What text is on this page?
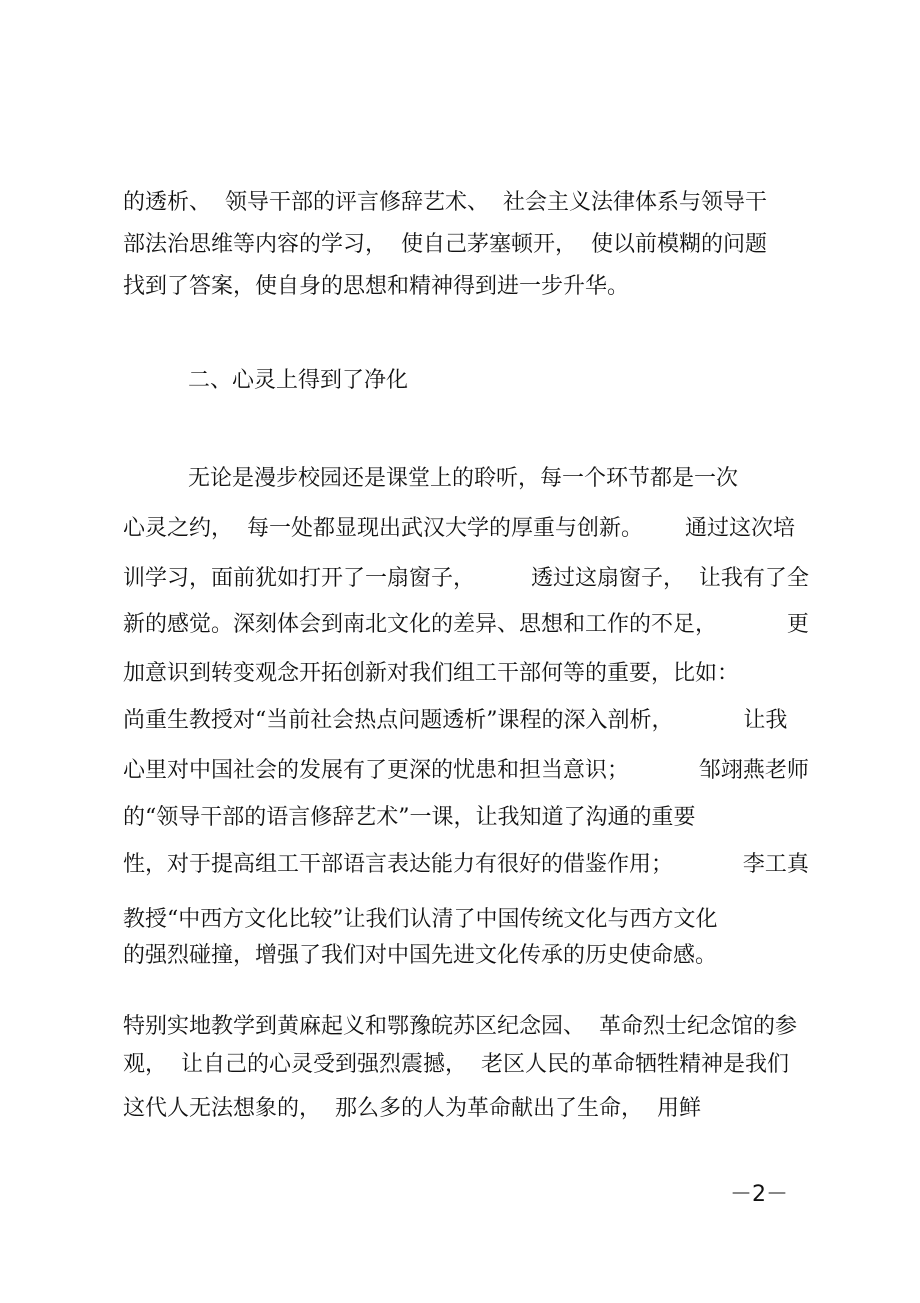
的透析、  领导干部的评言修辞艺术、  社会主义法律体系与领导干

部法治思维等内容的学习，  使自己茅塞顿开，  使以前模糊的问题

找到了答案，使自身的思想和精神得到进一步升华。

二、心灵上得到了净化

无论是漫步校园还是课堂上的聆听，每一个环节都是一次

心灵之约，  每一处都显现出武汉大学的厚重与创新。      通过这次培

训学习，面前犹如打开了一扇窗子，        透过这扇窗子，  让我有了全

新的感觉。深刻体会到南北文化的差异、思想和工作的不足，          更

加意识到转变观念开拓创新对我们组工干部何等的重要，比如：

尚重生教授对“当前社会热点问题透析”课程的深入剖析，          让我

心里对中国社会的发展有了更深的忧患和担当意识；          邹翊燕老师

的“领导干部的语言修辞艺术”一课，让我知道了沟通的重要

性，对于提高组工干部语言表达能力有很好的借鉴作用；          李工真

教授“中西方文化比较”让我们认清了中国传统文化与西方文化

的强烈碰撞，增强了我们对中国先进文化传承的历史使命感。

特别实地教学到黄麻起义和鄂豫皖苏区纪念园、  革命烈士纪念馆的参

观，  让自己的心灵受到强烈震撼，  老区人民的革命牺牲精神是我们

这代人无法想象的，  那么多的人为革命献出了生命，  用鲜

－2－
